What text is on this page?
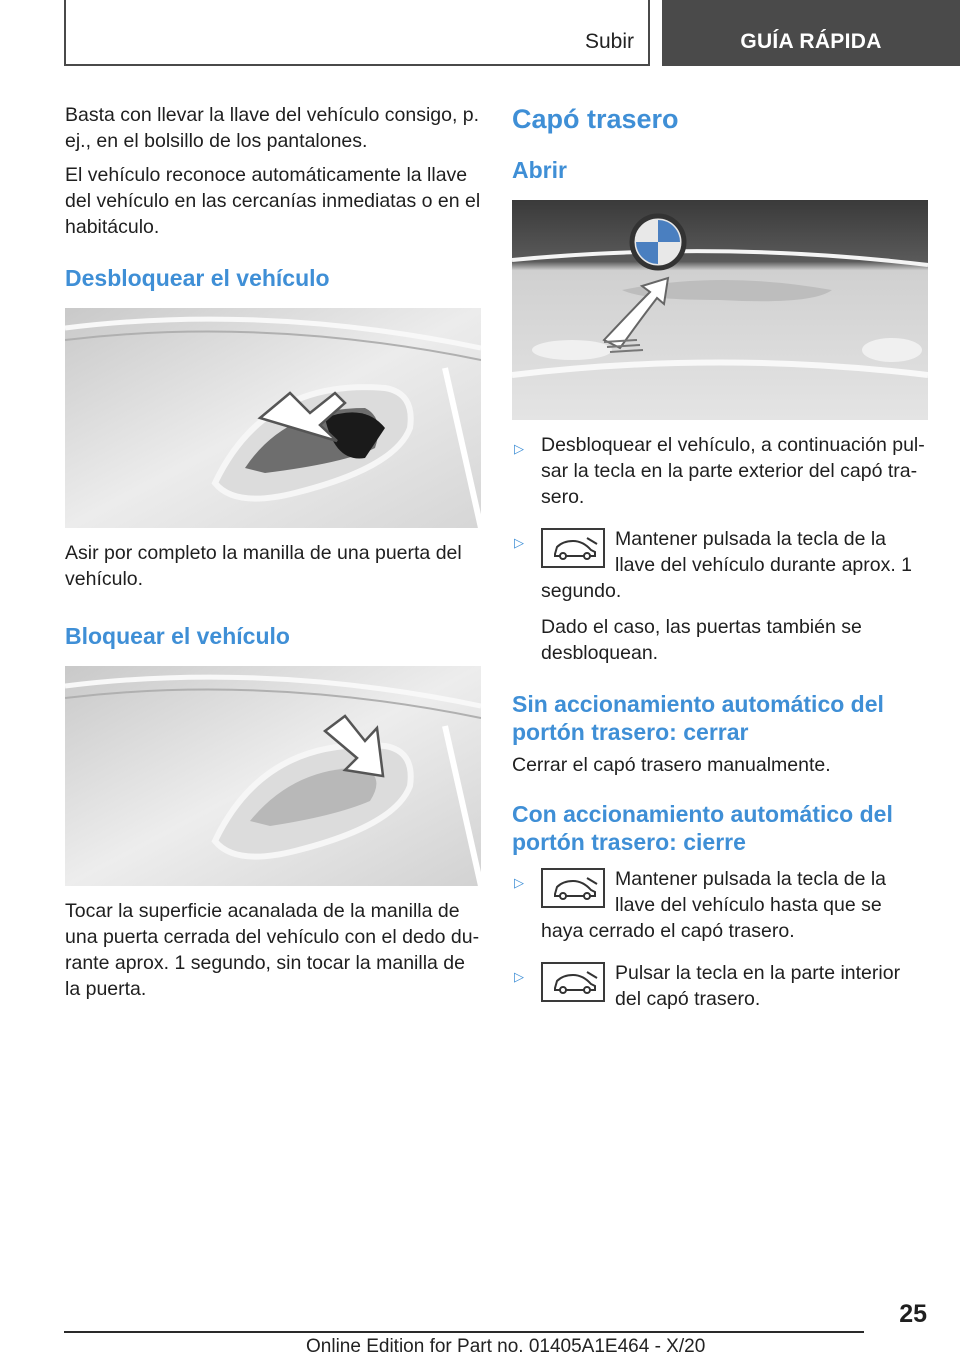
Subir	GUÍA RÁPIDA

Basta con llevar la llave del vehículo consigo, p. ej., en el bolsillo de los pantalones.

El vehículo reconoce automáticamente la llave del vehículo en las cercanías inmediatas o en el habitáculo.

Desbloquear el vehículo

Asir por completo la manilla de una puerta del vehículo.

Bloquear el vehículo

Tocar la superficie acanalada de la manilla de una puerta cerrada del vehículo con el dedo durante aprox. 1 segundo, sin tocar la manilla de la puerta.

Capó trasero
Abrir
▷ Desbloquear el vehículo, a continuación pulsar la tecla en la parte exterior del capó trasero.
▷	Mantener pulsada la tecla de la llave del vehículo durante aprox. 1 segundo.

Dado el caso, las puertas también se desbloquean.

Sin accionamiento automático del portón trasero: cerrar

Cerrar el capó trasero manualmente.

Con accionamiento automático del portón trasero: cierre
▷	Mantener pulsada la tecla de la llave del vehículo hasta que se haya cerrado el capó trasero.
▷	Pulsar la tecla en la parte interior del capó trasero.
25
Online Edition for Part no. 01405A1E464 - X/20
